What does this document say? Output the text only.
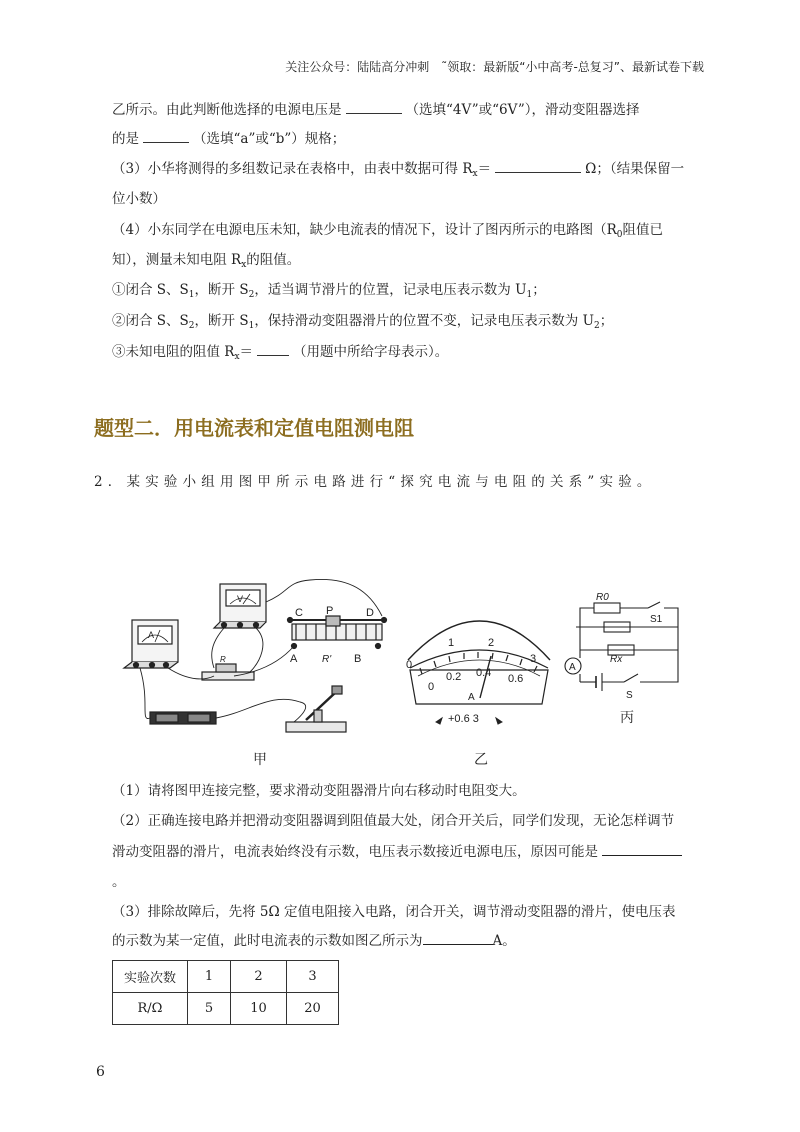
关注公众号：陆陆高分冲刺　˜领取：最新版“小中高考-总复习”、最新试卷下载
乙所示。由此判断他选择的电源电压是	（选填“4V”或“6V”），滑动变阻器选择
的是	（选填“a”或“b”）规格；
（3）小华将测得的多组数记录在表格中，由表中数据可得 $R_x=$	Ω；（结果保留一
位小数）
（4）小东同学在电源电压未知，缺少电流表的情况下，设计了图丙所示的电路图（$R_0$阻值已
知），测量未知电阻 $R_x$的阻值。
①闭合 S、$S_1$，断开 $S_2$，适当调节滑片的位置，记录电压表示数为 $U_1$；
②闭合 S、$S_2$，断开 $S_1$，保持滑动变阻器滑片的位置不变，记录电压表示数为 $U_2$；
③未知电阻的阻值 $R_x=$	（用题中所给字母表示）。
题型二．用电流表和定值电阻测电阻
2．某实验小组用图甲所示电路进行“探究电流与电阻的关系”实验。
A
V
R
C P	D
A R' B
甲
0
1	2
3
0
0.2 0.4 0.6
A
+0.6 3
乙
A
R0
S1
Rx
S
丙
（1）请将图甲连接完整，要求滑动变阻器滑片向右移动时电阻变大。
（2）正确连接电路并把滑动变阻器调到阻值最大处，闭合开关后，同学们发现，无论怎样调节
滑动变阻器的滑片，电流表始终没有示数，电压表示数接近电源电压，原因可能是
。
（3）排除故障后，先将 5Ω 定值电阻接入电路，闭合开关，调节滑动变阻器的滑片，使电压表
的示数为某一定值，此时电流表的示数如图乙所示为	A。
实验次数	1	2	3
R/Ω	5	10	20
6
